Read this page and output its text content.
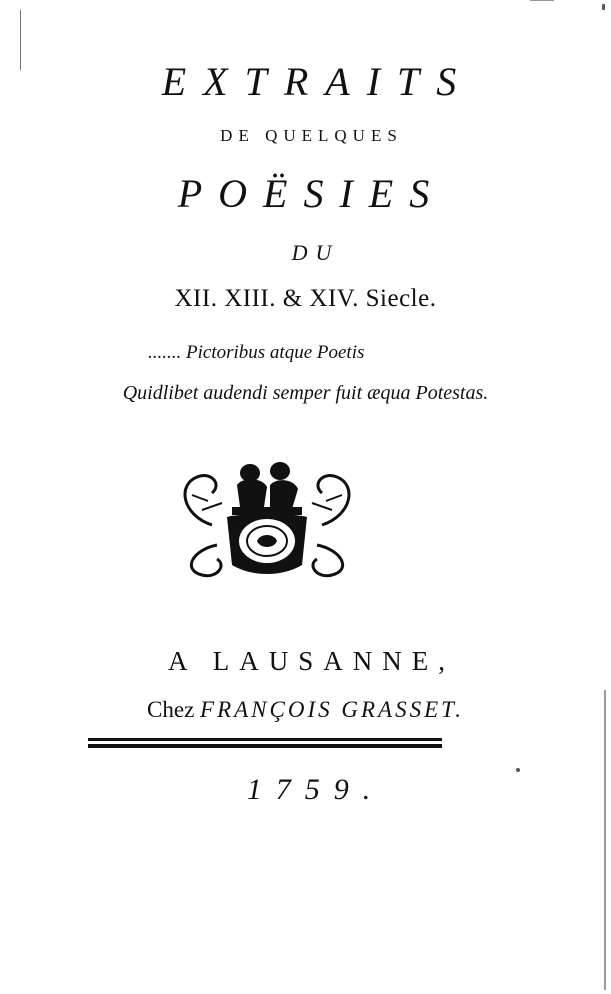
EXTRAITS
DE QUELQUES
POËSIES
DU
XII. XIII. & XIV. Siecle.
....... Pictoribus atque Poetis
Quidlibet audendi semper fuit æqua Potestas.
A LAUSANNE,
Chez FRANÇOIS GRASSET.
1759.
